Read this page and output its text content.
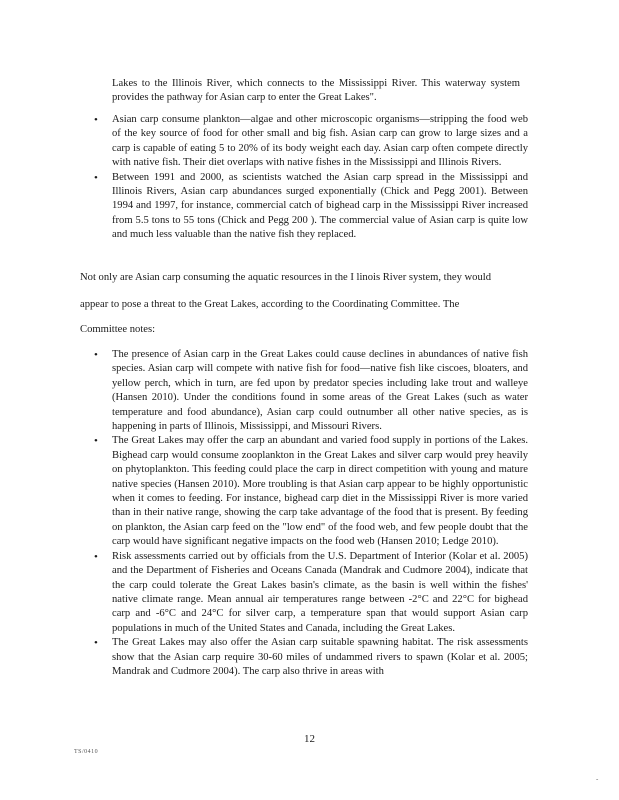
Lakes to the Illinois River, which connects to the Mississippi River. This waterway system provides the pathway for Asian carp to enter the Great Lakes".
•	Asian carp consume plankton—algae and other microscopic organisms—stripping the food web of the key source of food for other small and big fish. Asian carp can grow to large sizes and a carp is capable of eating 5 to 20% of its body weight each day. Asian carp often compete directly with native fish. Their diet overlaps with native fishes in the Mississippi and Illinois Rivers.
•	Between 1991 and 2000, as scientists watched the Asian carp spread in the Mississippi and Illinois Rivers, Asian carp abundances surged exponentially (Chick and Pegg 2001). Between 1994 and 1997, for instance, commercial catch of bighead carp in the Mississippi River increased from 5.5 tons to 55 tons (Chick and Pegg 200 ). The commercial value of Asian carp is quite low and much less valuable than the native fish they replaced.
Not only are Asian carp consuming the aquatic resources in the I linois River system, they would
appear to pose a threat to the Great Lakes, according to the Coordinating Committee. The
Committee notes:
•	The presence of Asian carp in the Great Lakes could cause declines in abundances of native fish species. Asian carp will compete with native fish for food—native fish like ciscoes, bloaters, and yellow perch, which in turn, are fed upon by predator species including lake trout and walleye (Hansen 2010). Under the conditions found in some areas of the Great Lakes (such as water temperature and food abundance), Asian carp could outnumber all other native species, as is happening in parts of Illinois, Mississippi, and Missouri Rivers.
•	The Great Lakes may offer the carp an abundant and varied food supply in portions of the Lakes. Bighead carp would consume zooplankton in the Great Lakes and silver carp would prey heavily on phytoplankton. This feeding could place the carp in direct competition with young and mature native species (Hansen 2010). More troubling is that Asian carp appear to be highly opportunistic when it comes to feeding. For instance, bighead carp diet in the Mississippi River is more varied than in their native range, showing the carp take advantage of the food that is present. By feeding on plankton, the Asian carp feed on the "low end" of the food web, and few people doubt that the carp would have significant negative impacts on the food web (Hansen 2010; Ledge 2010).
•	Risk assessments carried out by officials from the U.S. Department of Interior (Kolar et al. 2005) and the Department of Fisheries and Oceans Canada (Mandrak and Cudmore 2004), indicate that the carp could tolerate the Great Lakes basin's climate, as the basin is well within the fishes' native climate range. Mean annual air temperatures range between -2°C and 22°C for bighead carp and -6°C and 24°C for silver carp, a temperature span that would support Asian carp populations in much of the United States and Canada, including the Great Lakes.
•	The Great Lakes may also offer the Asian carp suitable spawning habitat. The risk assessments show that the Asian carp require 30-60 miles of undammed rivers to spawn (Kolar et al. 2005; Mandrak and Cudmore 2004). The carp also thrive in areas with
12
TS/0410
-
